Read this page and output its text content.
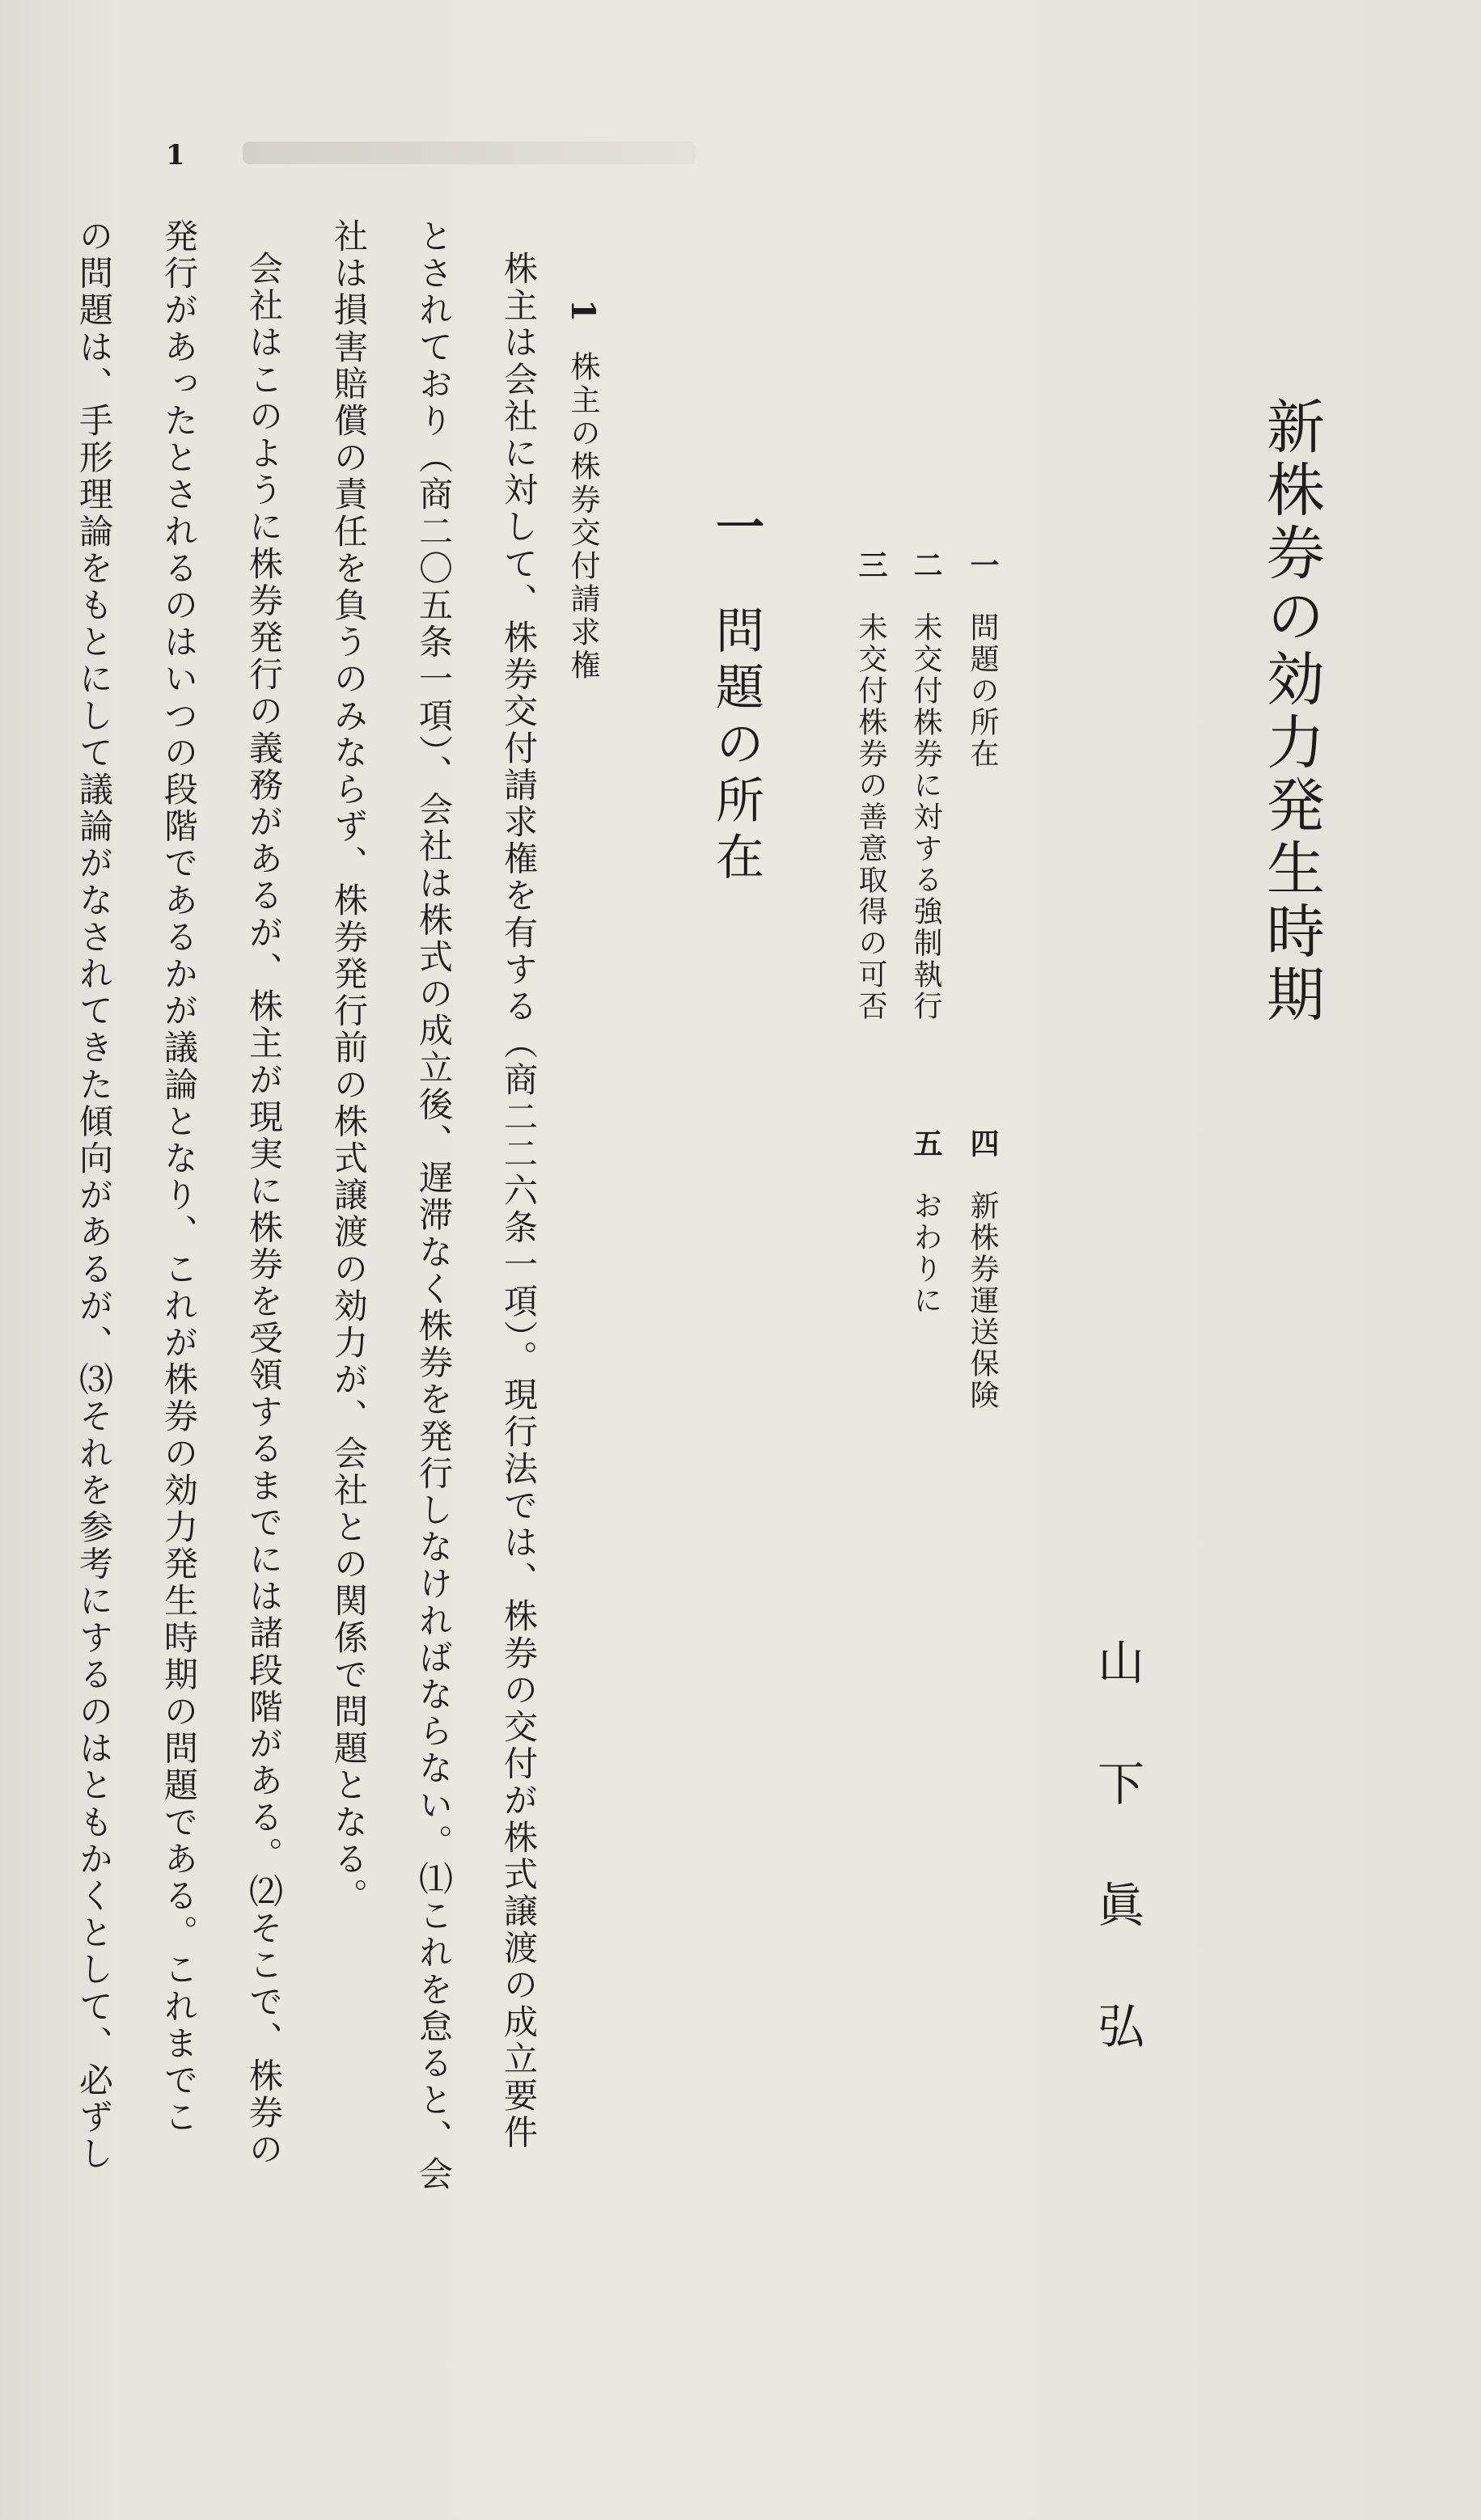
1
新株券の効力発生時期
山下眞弘
一問題の所在
二未交付株券に対する強制執行
三未交付株券の善意取得の可否
四新株券運送保険
五おわりに
一問題の所在
1株主の株券交付請求権
株主は会社に対して、株券交付請求権を有する（商二二六条一項）。現行法では、株券の交付が株式譲渡の成立要件
とされており（商二〇五条一項）、会社は株式の成立後、遅滞なく株券を発行しなければならない。⑴これを怠ると、会
社は損害賠償の責任を負うのみならず、株券発行前の株式譲渡の効力が、会社との関係で問題となる。
会社はこのように株券発行の義務があるが、株主が現実に株券を受領するまでには諸段階がある。⑵そこで、株券の
発行があったとされるのはいつの段階であるかが議論となり、これが株券の効力発生時期の問題である。これまでこ
の問題は、手形理論をもとにして議論がなされてきた傾向があるが、⑶それを参考にするのはともかくとして、必ずし
